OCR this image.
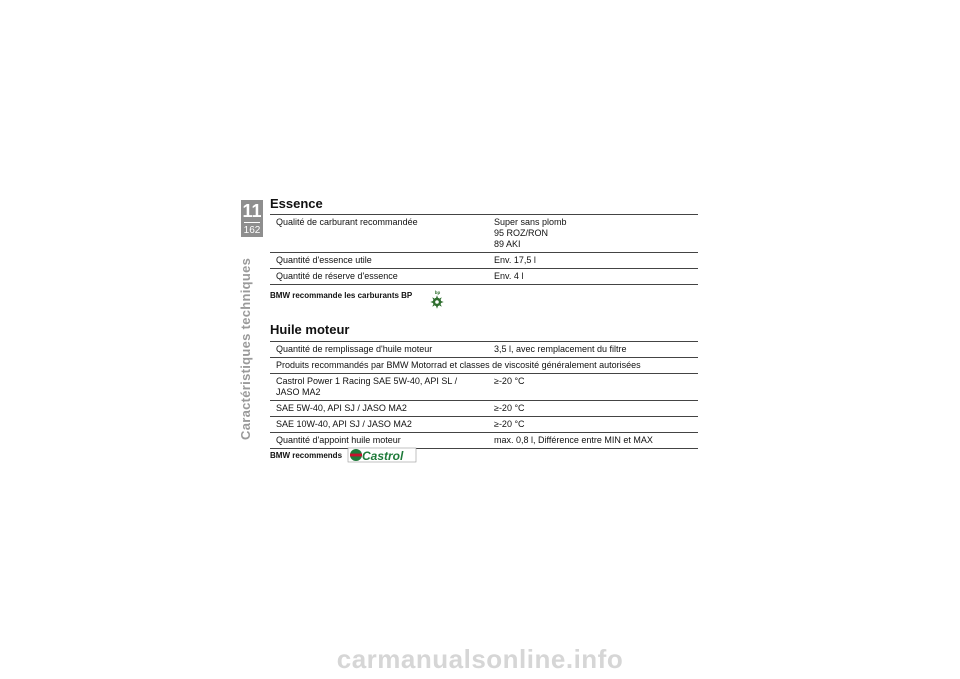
11
162
Caractéristiques techniques
Essence
Qualité de carburant recommandée	Super sans plomb
95 ROZ/RON
89 AKI
Quantité d'essence utile	Env. 17,5 l
Quantité de réserve d'essence	Env. 4 l
BMW recommande les carburants BP	bp
Huile moteur
Quantité de remplissage d'huile moteur	3,5 l, avec remplacement du filtre
Produits recommandés par BMW Motorrad et classes de viscosité généralement autorisées	
Castrol Power 1 Racing SAE 5W-40, API SL /
JASO MA2	≥-20 °C
SAE 5W-40, API SJ / JASO MA2	≥-20 °C
SAE 10W-40, API SJ / JASO MA2	≥-20 °C
Quantité d'appoint huile moteur	max. 0,8 l, Différence entre MIN et MAX
BMW recommends Castrol
carmanualsonline.info
